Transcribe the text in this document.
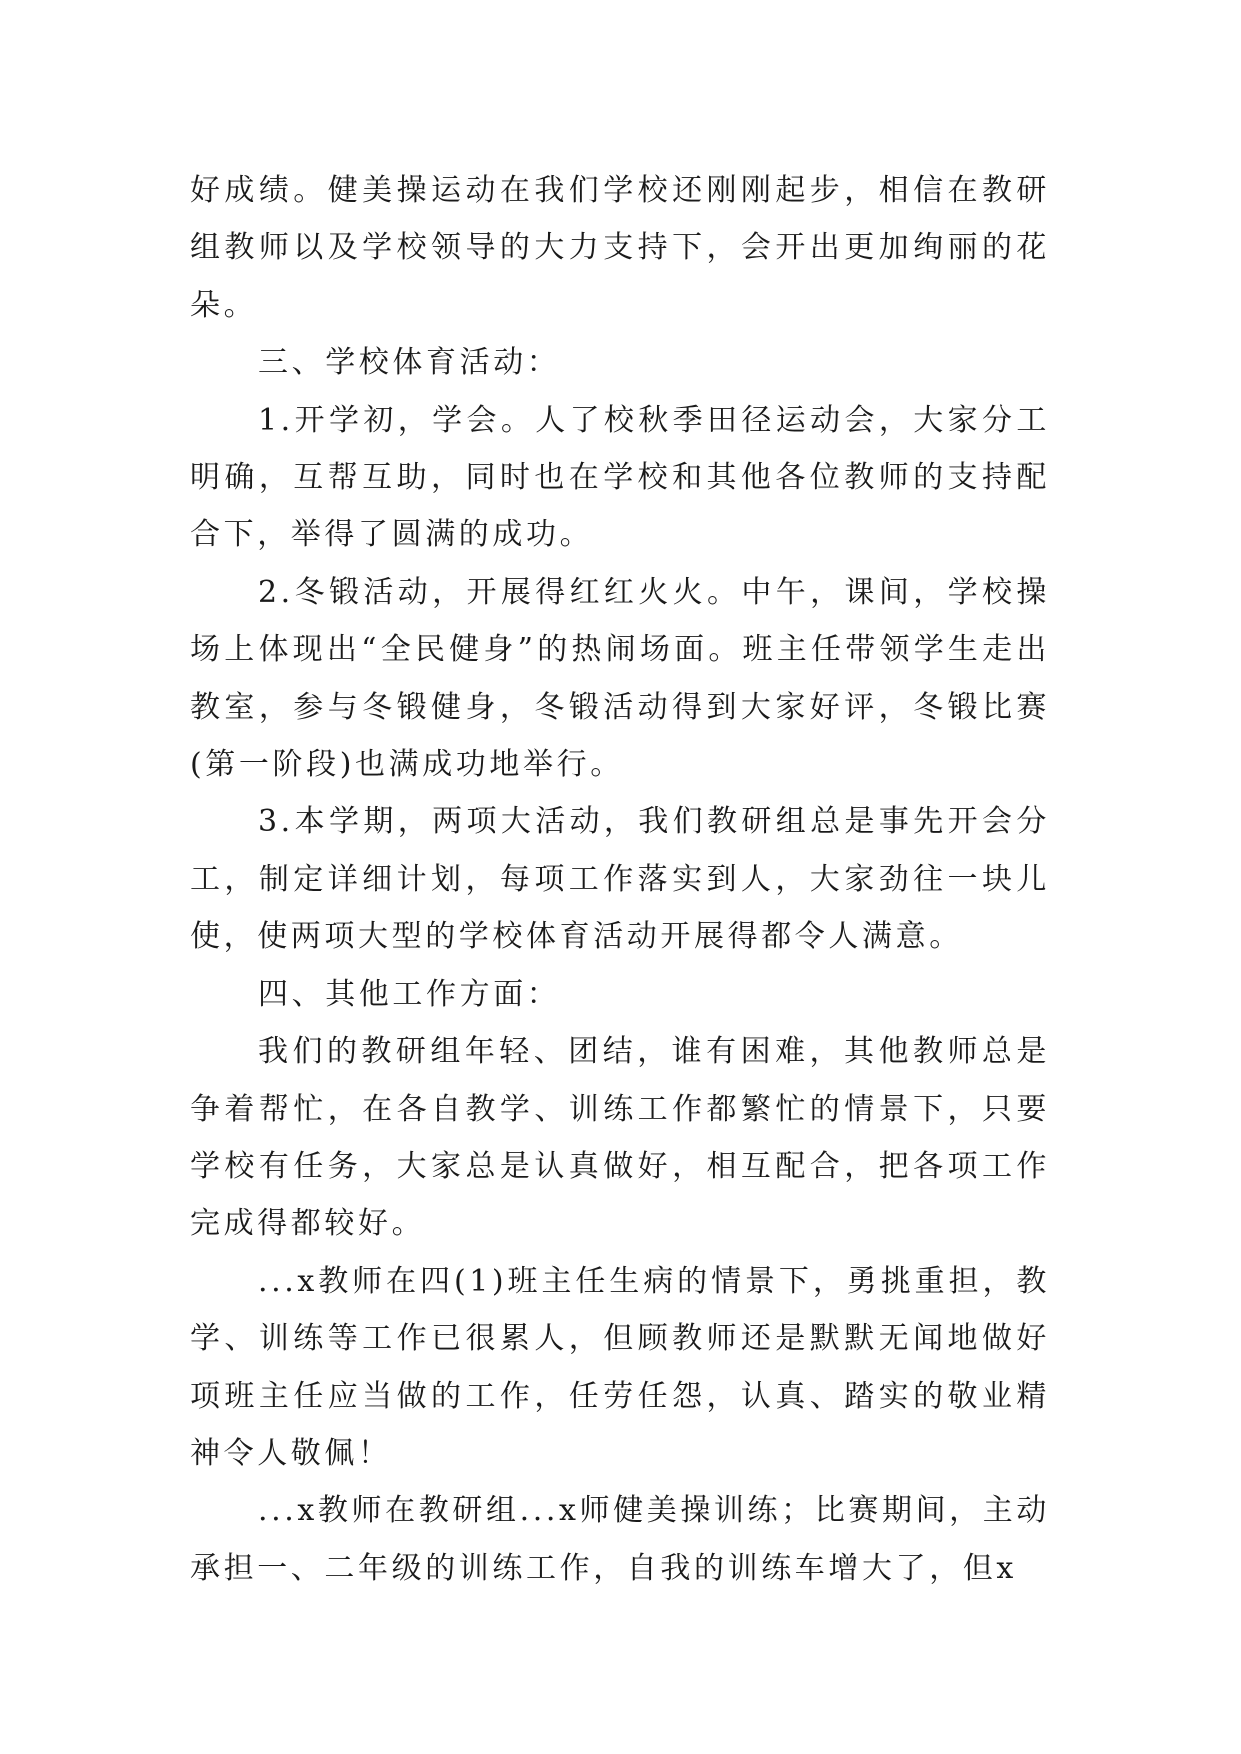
好成绩。健美操运动在我们学校还刚刚起步，相信在教研组教师以及学校领导的大力支持下，会开出更加绚丽的花朵。

三、学校体育活动：

1.开学初，学会。人了校秋季田径运动会，大家分工明确，互帮互助，同时也在学校和其他各位教师的支持配合下，举得了圆满的成功。

2.冬锻活动，开展得红红火火。中午，课间，学校操场上体现出“全民健身”的热闹场面。班主任带领学生走出教室，参与冬锻健身，冬锻活动得到大家好评，冬锻比赛(第一阶段)也满成功地举行。

3.本学期，两项大活动，我们教研组总是事先开会分工，制定详细计划，每项工作落实到人，大家劲往一块儿使，使两项大型的学校体育活动开展得都令人满意。

四、其他工作方面：

我们的教研组年轻、团结，谁有困难，其他教师总是争着帮忙，在各自教学、训练工作都繁忙的情景下，只要学校有任务，大家总是认真做好，相互配合，把各项工作完成得都较好。

...x教师在四(1)班主任生病的情景下，勇挑重担，教学、训练等工作已很累人，但顾教师还是默默无闻地做好项班主任应当做的工作，任劳任怨，认真、踏实的敬业精神令人敬佩！

...x教师在教研组...x师健美操训练；比赛期间，主动承担一、二年级的训练工作，自我的训练车增大了，但x
